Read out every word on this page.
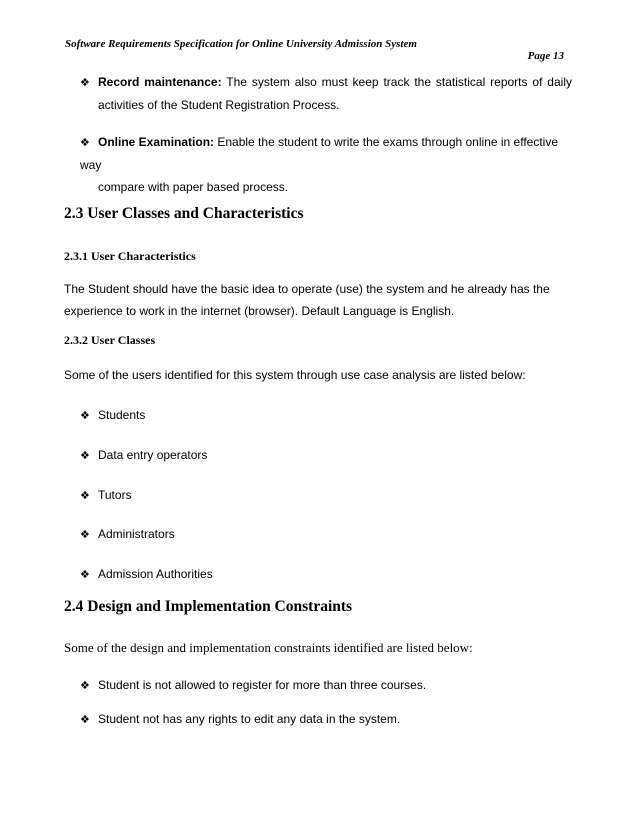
Software Requirements Specification for Online University Admission System
Page 13
❖ Record maintenance: The system also must keep track the statistical reports of daily
activities of the Student Registration Process.
❖ Online Examination: Enable the student to write the exams through online in effective way
compare with paper based process.
2.3 User Classes and Characteristics
2.3.1 User Characteristics
The Student should have the basic idea to operate (use) the system and he already has the
experience to work in the internet (browser). Default Language is English.
2.3.2 User Classes
Some of the users identified for this system through use case analysis are listed below:
❖ Students
❖ Data entry operators
❖ Tutors
❖ Administrators
❖ Admission Authorities
2.4 Design and Implementation Constraints
Some of the design and implementation constraints identified are listed below:
❖ Student is not allowed to register for more than three courses.
❖ Student not has any rights to edit any data in the system.
